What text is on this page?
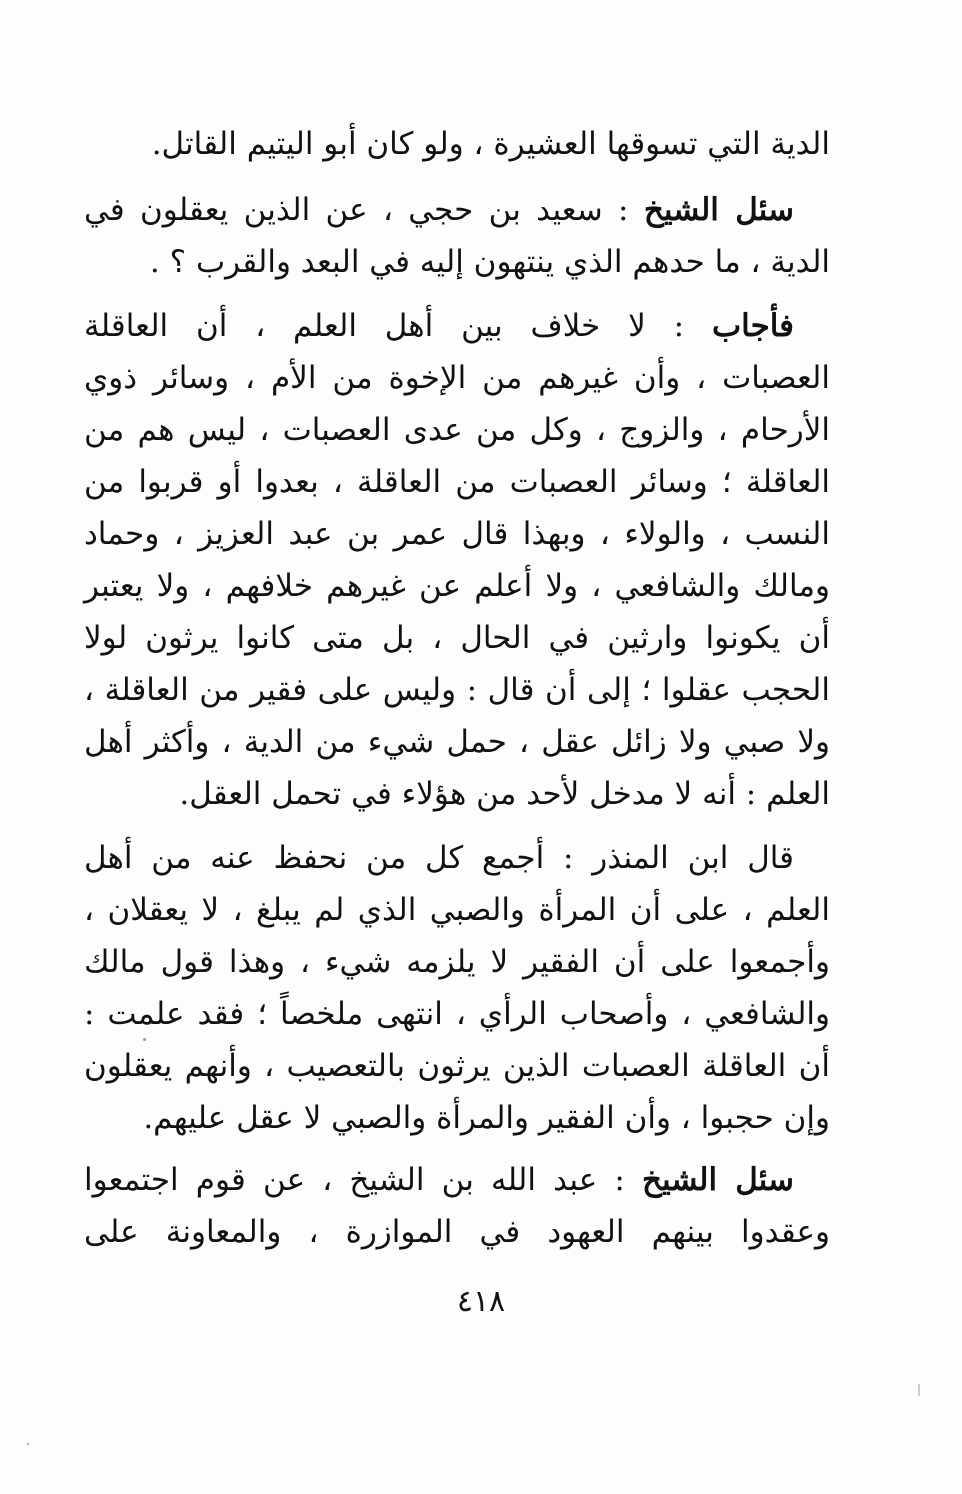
الدية التي تسوقها العشيرة ، ولو كان أبو اليتيم القاتل.
سئل الشيخ : سعيد بن حجي ، عن الذين يعقلون في
الدية ، ما حدهم الذي ينتهون إليه في البعد والقرب ؟ .
فأجاب : لا خلاف بين أهل العلم ، أن العاقلة
العصبات ، وأن غيرهم من الإخوة من الأم ، وسائر ذوي
الأرحام ، والزوج ، وكل من عدى العصبات ، ليس هم من
العاقلة ؛ وسائر العصبات من العاقلة ، بعدوا أو قربوا من
النسب ، والولاء ، وبهذا قال عمر بن عبد العزيز ، وحماد
ومالك والشافعي ، ولا أعلم عن غيرهم خلافهم ، ولا يعتبر
أن يكونوا وارثين في الحال ، بل متى كانوا يرثون لولا
الحجب عقلوا ؛ إلى أن قال : وليس على فقير من العاقلة ،
ولا صبي ولا زائل عقل ، حمل شيء من الدية ، وأكثر أهل
العلم : أنه لا مدخل لأحد من هؤلاء في تحمل العقل.
قال ابن المنذر : أجمع كل من نحفظ عنه من أهل
العلم ، على أن المرأة والصبي الذي لم يبلغ ، لا يعقلان ،
وأجمعوا على أن الفقير لا يلزمه شيء ، وهذا قول مالك
والشافعي ، وأصحاب الرأي ، انتهى ملخصاً ؛ فقد علمت :
أن العاقلة العصبات الذين يرثون بالتعصيب ، وأنهم يعقلون
وإن حجبوا ، وأن الفقير والمرأة والصبي لا عقل عليهم.
سئل الشيخ : عبد الله بن الشيخ ، عن قوم اجتمعوا
وعقدوا بينهم العهود في الموازرة ، والمعاونة على
٤١٨
